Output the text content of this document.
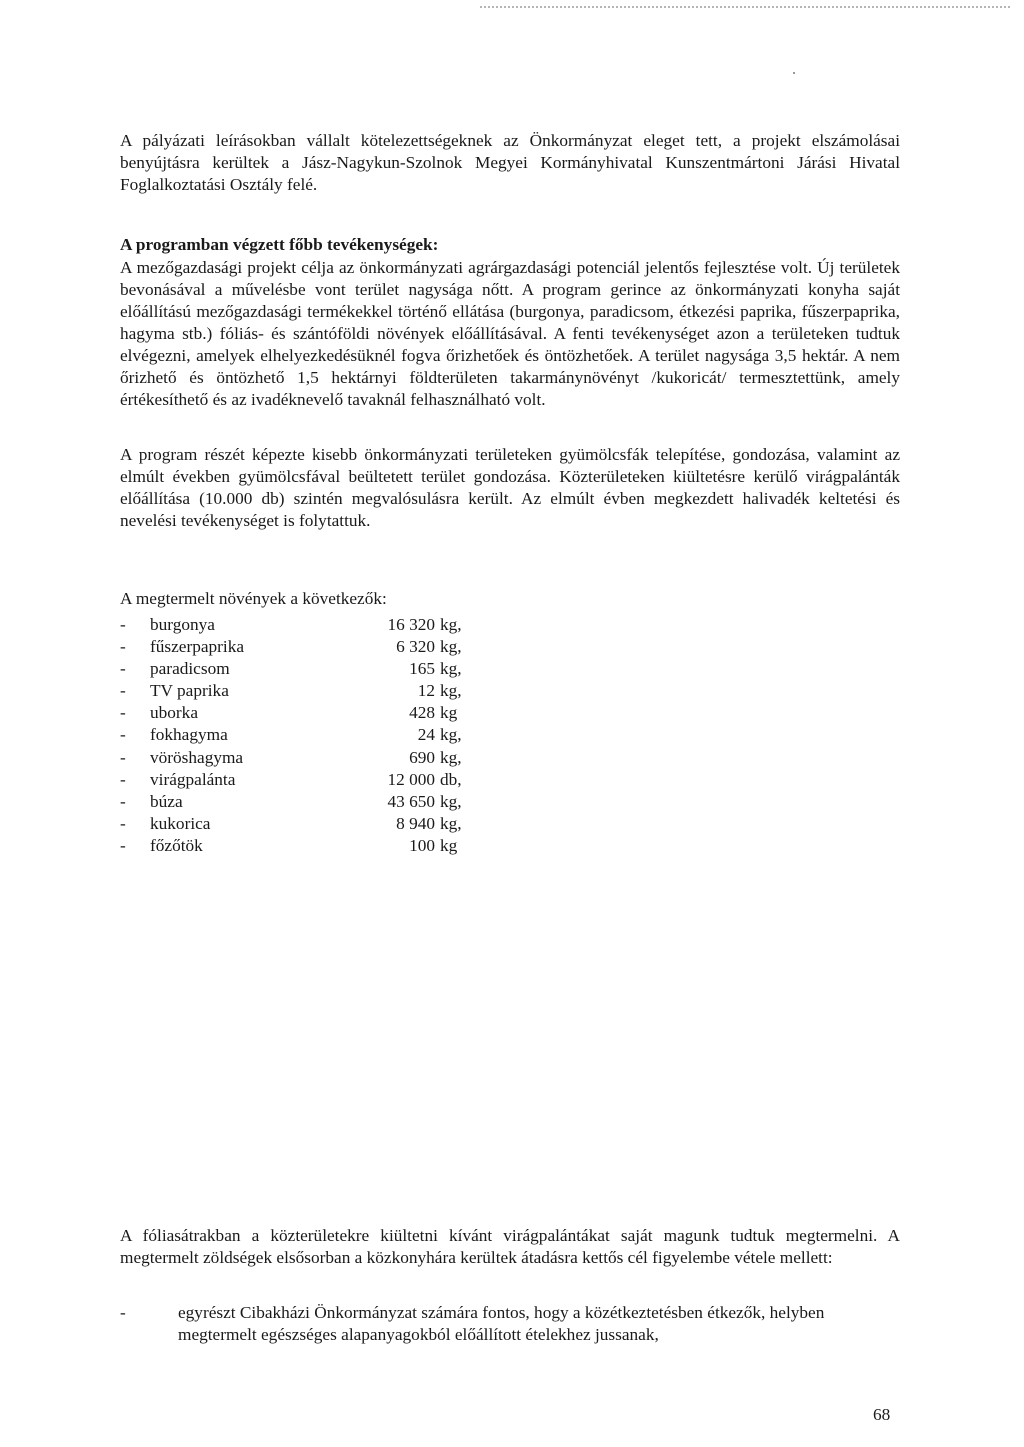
A pályázati leírásokban vállalt kötelezettségeknek az Önkormányzat eleget tett, a projekt elszámolásai benyújtásra kerültek a Jász-Nagykun-Szolnok Megyei Kormányhivatal Kunszentmártoni Járási Hivatal Foglalkoztatási Osztály felé.

A programban végzett főbb tevékenységek:

A mezőgazdasági projekt célja az önkormányzati agrárgazdasági potenciál jelentős fejlesztése volt. Új területek bevonásával a művelésbe vont terület nagysága nőtt. A program gerince az önkormányzati konyha saját előállítású mezőgazdasági termékekkel történő ellátása (burgonya, paradicsom, étkezési paprika, fűszerpaprika, hagyma stb.) fóliás- és szántóföldi növények előállításával. A fenti tevékenységet azon a területeken tudtuk elvégezni, amelyek elhelyezkedésüknél fogva őrizhetőek és öntözhetőek. A terület nagysága 3,5 hektár. A nem őrizhető és öntözhető 1,5 hektárnyi földterületen takarmánynövényt /kukoricát/ termesztettünk, amely értékesíthető és az ivadéknevelő tavaknál felhasználható volt.

A program részét képezte kisebb önkormányzati területeken gyümölcsfák telepítése, gondozása, valamint az elmúlt években gyümölcsfával beültetett terület gondozása. Közterületeken kiültetésre kerülő virágpalánták előállítása (10.000 db) szintén megvalósulásra került. Az elmúlt évben megkezdett halivadék keltetési és nevelési tevékenységet is folytattuk.

A megtermelt növények a következők:

-	burgonya	16 320 kg,
-	fűszerpaprika	6 320 kg,
-	paradicsom	165 kg,
-	TV paprika	12 kg,
-	uborka	428 kg
-	fokhagyma	24 kg,
-	vöröshagyma	690 kg,
-	virágpalánta	12 000 db,
-	búza	43 650 kg,
-	kukorica	8 940 kg,
-	főzőtök	100 kg

A fóliasátrakban a közterületekre kiültetni kívánt virágpalántákat saját magunk tudtuk megtermelni. A megtermelt zöldségek elsősorban a közkonyhára kerültek átadásra kettős cél figyelembe vétele mellett:

-	egyrészt Cibakházi Önkormányzat számára fontos, hogy a közétkeztetésben étkezők, helyben megtermelt egészséges alapanyagokból előállított ételekhez jussanak,
68
